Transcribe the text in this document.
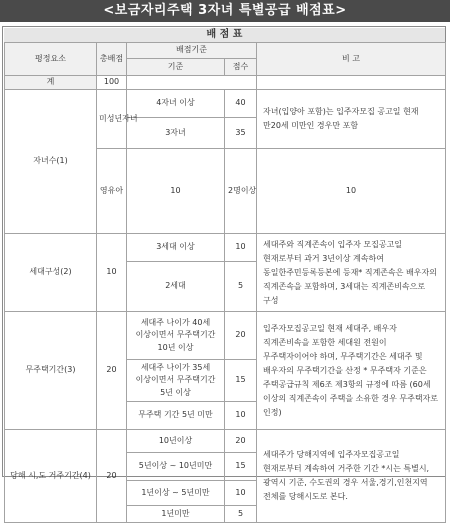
<보금자리주택 3자녀 특별공급 배점표>
배 점 표
평정요소	총배점	배점기준		비 고	
		기준	점수		
계	100				
자녀수(1)	미성년자녀	4자녀 이상	40	자녀(입양아 포함)는 입주자모집 공고일 현재 만20세 미만인 경우만 포함	
		3자녀	35		
	영유아	10	2명이상	10	
세대구성(2)	10	3세대 이상	10	세대주와 직계존속이 입주자 모집공고일 현재로부터 과거 3년이상 계속하여 동일한주민등록등본에 등재* 직계존속은 배우자의 직계존속을 포함하며, 3세대는 직계존비속으로 구성	
		2세대	5		
무주택기간(3)	20	세대주 나이가 40세 이상이면서 무주택기간 10년 이상	20	입주자모집공고일 현재 세대주, 배우자 직계존비속을 포함한 세대원 전원이 무주택자이어야 하며, 무주택기간은 세대주 및 배우자의 무주택기간을 산정 * 무주택자 기준은 주택공급규칙 제6조 제3항의 규정에 따름 (60세 이상의 직계존속이 주택을 소유한 경우 무주택자로 인정)	
		세대주 나이가 35세 이상이면서 무주택기간 5년 이상	15		
		무주택 기간 5년 미만	10		
당해 시,도 거주기간(4)	20	10년이상	20	세대주가 당해지역에 입주자모집공고일 현재로부터 계속하여 거주한 기간 *시는 특별시,광역시 기준, 수도권의 경우 서울,경기,인천지역 전체를 당해시도로 본다.	
		5년이상 ~ 10년미만	15		
		1년이상 ~ 5년미만	10		
		1년미만	5		
